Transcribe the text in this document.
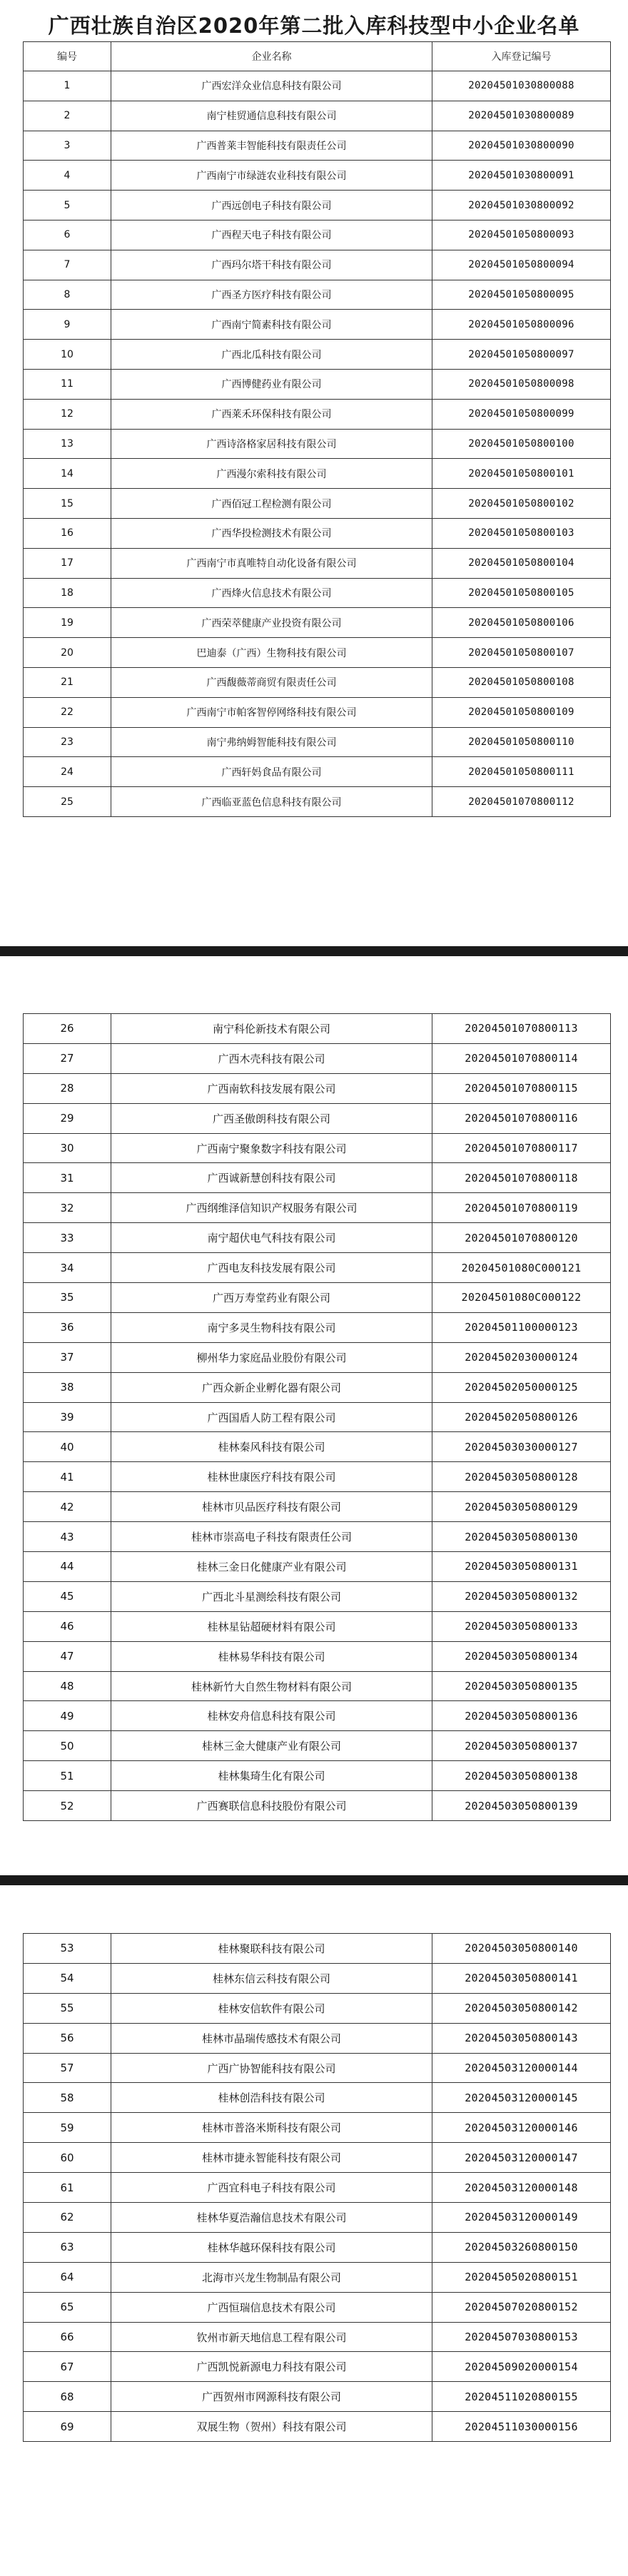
广西壮族自治区2020年第二批入库科技型中小企业名单
编号	企业名称	入库登记编号
1	广西宏洋众业信息科技有限公司	20204501030800088
2	南宁桂贸通信息科技有限公司	20204501030800089
3	广西普莱丰智能科技有限责任公司	20204501030800090
4	广西南宁市绿涟农业科技有限公司	20204501030800091
5	广西远创电子科技有限公司	20204501030800092
6	广西程天电子科技有限公司	20204501050800093
7	广西玛尔塔干科技有限公司	20204501050800094
8	广西圣方医疗科技有限公司	20204501050800095
9	广西南宁简素科技有限公司	20204501050800096
10	广西北瓜科技有限公司	20204501050800097
11	广西博健药业有限公司	20204501050800098
12	广西莱禾环保科技有限公司	20204501050800099
13	广西诗洛格家居科技有限公司	20204501050800100
14	广西漫尔索科技有限公司	20204501050800101
15	广西佰冠工程检测有限公司	20204501050800102
16	广西华投检测技术有限公司	20204501050800103
17	广西南宁市真唯特自动化设备有限公司	20204501050800104
18	广西烽火信息技术有限公司	20204501050800105
19	广西荣萃健康产业投资有限公司	20204501050800106
20	巴迪泰（广西）生物科技有限公司	20204501050800107
21	广西馥薇蒂商贸有限责任公司	20204501050800108
22	广西南宁市帕客智停网络科技有限公司	20204501050800109
23	南宁弗纳姆智能科技有限公司	20204501050800110
24	广西轩妈食品有限公司	20204501050800111
25	广西临亚蓝色信息科技有限公司	20204501070800112
26	南宁科伦新技术有限公司	20204501070800113
27	广西木壳科技有限公司	20204501070800114
28	广西南软科技发展有限公司	20204501070800115
29	广西圣傲朗科技有限公司	20204501070800116
30	广西南宁聚象数字科技有限公司	20204501070800117
31	广西诚新慧创科技有限公司	20204501070800118
32	广西纲维泽信知识产权服务有限公司	20204501070800119
33	南宁超伏电气科技有限公司	20204501070800120
34	广西电友科技发展有限公司	20204501080C000121
35	广西万寿堂药业有限公司	20204501080C000122
36	南宁多灵生物科技有限公司	20204501100000123
37	柳州华力家庭品业股份有限公司	20204502030000124
38	广西众新企业孵化器有限公司	20204502050000125
39	广西国盾人防工程有限公司	20204502050800126
40	桂林秦风科技有限公司	20204503030000127
41	桂林世康医疗科技有限公司	20204503050800128
42	桂林市贝品医疗科技有限公司	20204503050800129
43	桂林市崇高电子科技有限责任公司	20204503050800130
44	桂林三金日化健康产业有限公司	20204503050800131
45	广西北斗星测绘科技有限公司	20204503050800132
46	桂林星钻超硬材料有限公司	20204503050800133
47	桂林易华科技有限公司	20204503050800134
48	桂林新竹大自然生物材料有限公司	20204503050800135
49	桂林安舟信息科技有限公司	20204503050800136
50	桂林三金大健康产业有限公司	20204503050800137
51	桂林集琦生化有限公司	20204503050800138
52	广西赛联信息科技股份有限公司	20204503050800139
53	桂林聚联科技有限公司	20204503050800140
54	桂林东信云科技有限公司	20204503050800141
55	桂林安信软件有限公司	20204503050800142
56	桂林市晶瑞传感技术有限公司	20204503050800143
57	广西广协智能科技有限公司	20204503120000144
58	桂林创浩科技有限公司	20204503120000145
59	桂林市普洛米斯科技有限公司	20204503120000146
60	桂林市捷永智能科技有限公司	20204503120000147
61	广西宜科电子科技有限公司	20204503120000148
62	桂林华夏浩瀚信息技术有限公司	20204503120000149
63	桂林华越环保科技有限公司	20204503260800150
64	北海市兴龙生物制品有限公司	20204505020800151
65	广西恒瑞信息技术有限公司	20204507020800152
66	钦州市新天地信息工程有限公司	20204507030800153
67	广西凯悦新源电力科技有限公司	20204509020000154
68	广西贺州市网源科技有限公司	20204511020800155
69	双展生物（贺州）科技有限公司	20204511030000156
